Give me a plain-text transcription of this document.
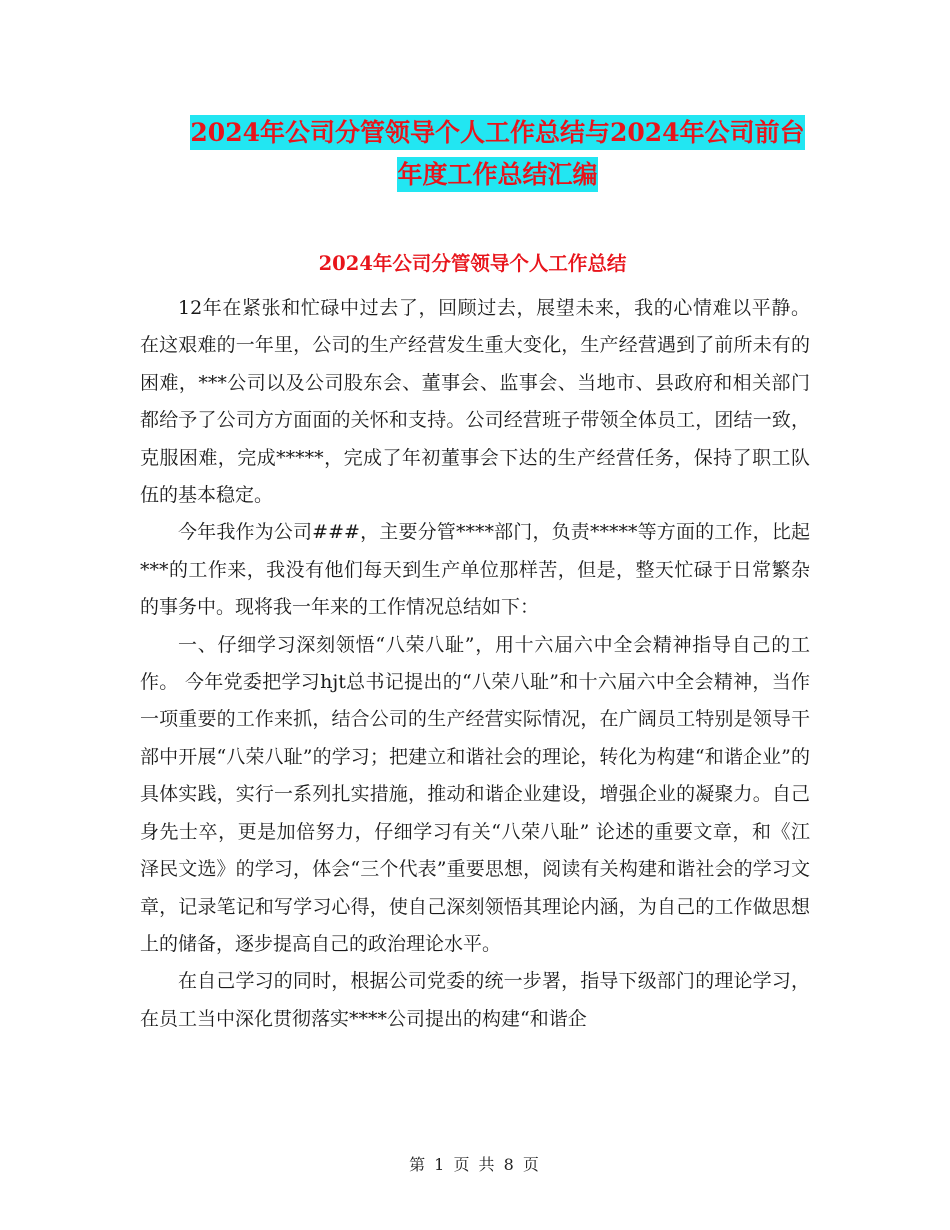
2024年公司分管领导个人工作总结与2024年公司前台
年度工作总结汇编
2024年公司分管领导个人工作总结

12年在紧张和忙碌中过去了，回顾过去，展望未来，我的心情难以平静。在这艰难的一年里，公司的生产经营发生重大变化，生产经营遇到了前所未有的困难，***公司以及公司股东会、董事会、监事会、当地市、县政府和相关部门都给予了公司方方面面的关怀和支持。公司经营班子带领全体员工，团结一致，克服困难，完成*****，完成了年初董事会下达的生产经营任务，保持了职工队伍的基本稳定。

今年我作为公司###，主要分管****部门，负责*****等方面的工作，比起***的工作来，我没有他们每天到生产单位那样苦，但是，整天忙碌于日常繁杂的事务中。现将我一年来的工作情况总结如下：

一、仔细学习深刻领悟“八荣八耻”，用十六届六中全会精神指导自己的工作。 今年党委把学习hjt总书记提出的“八荣八耻”和十六届六中全会精神，当作一项重要的工作来抓，结合公司的生产经营实际情况，在广阔员工特别是领导干部中开展“八荣八耻”的学习；把建立和谐社会的理论，转化为构建“和谐企业”的具体实践，实行一系列扎实措施，推动和谐企业建设，增强企业的凝聚力。自己身先士卒，更是加倍努力，仔细学习有关“八荣八耻” 论述的重要文章，和《江泽民文选》的学习，体会“三个代表”重要思想，阅读有关构建和谐社会的学习文章，记录笔记和写学习心得，使自己深刻领悟其理论内涵，为自己的工作做思想上的储备，逐步提高自己的政治理论水平。

在自己学习的同时，根据公司党委的统一步署，指导下级部门的理论学习，在员工当中深化贯彻落实****公司提出的构建“和谐企

第 1 页 共 8 页
